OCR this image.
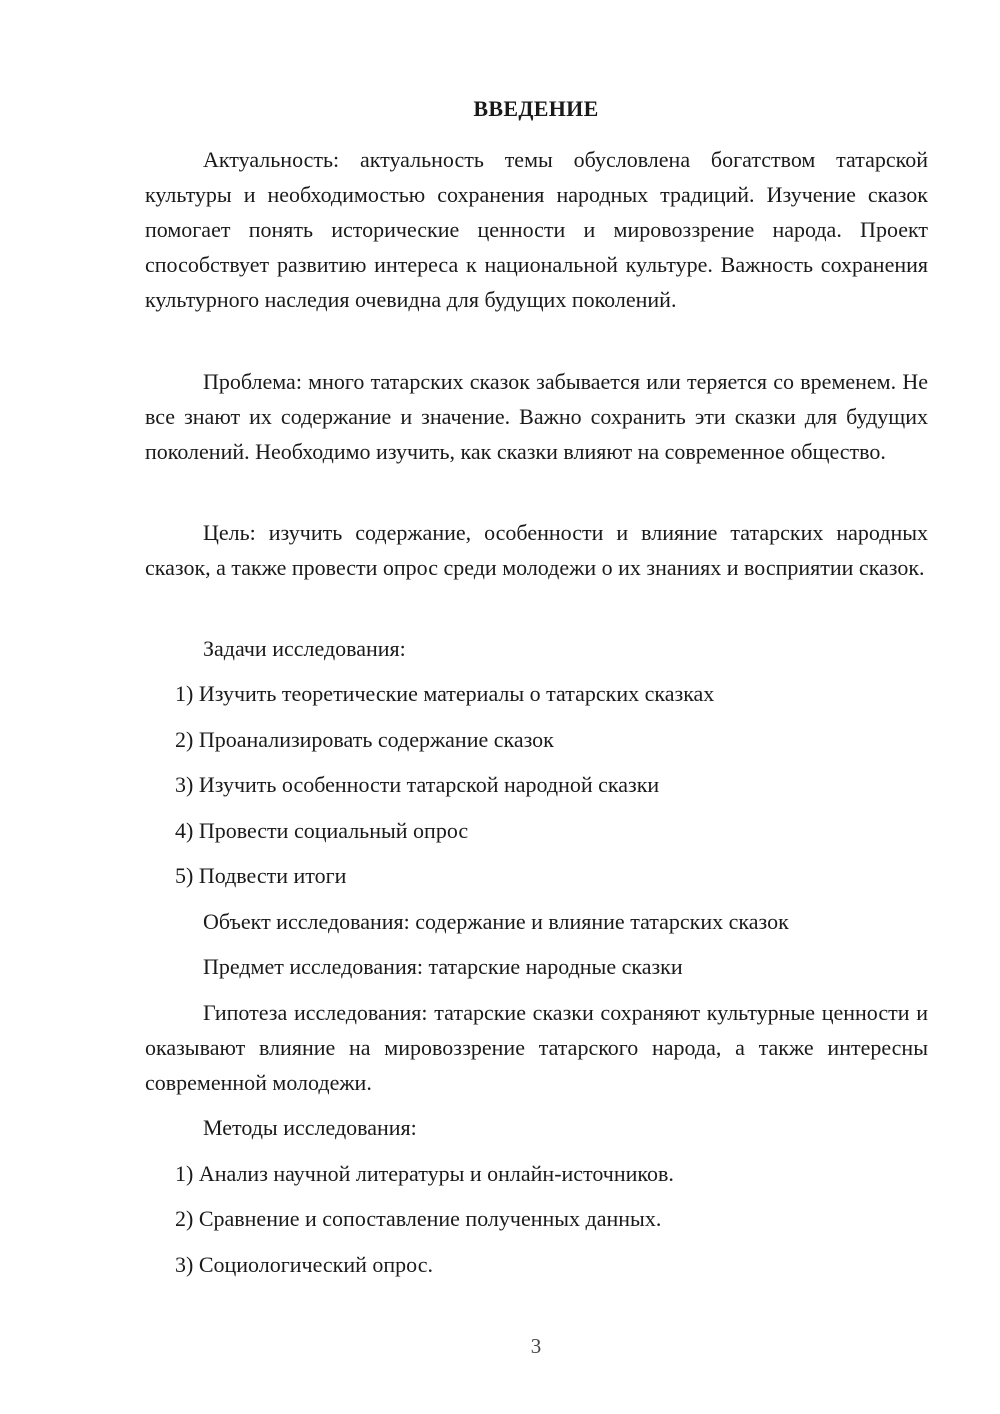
ВВЕДЕНИЕ

Актуальность: актуальность темы обусловлена богатством татарской культуры и необходимостью сохранения народных традиций. Изучение сказок помогает понять исторические ценности и мировоззрение народа. Проект способствует развитию интереса к национальной культуре. Важность сохранения культурного наследия очевидна для будущих поколений.

Проблема: много татарских сказок забывается или теряется со временем. Не все знают их содержание и значение. Важно сохранить эти сказки для будущих поколений. Необходимо изучить, как сказки влияют на современное общество.

Цель: изучить содержание, особенности и влияние татарских народных сказок, а также провести опрос среди молодежи о их знаниях и восприятии сказок.

Задачи исследования:

1) Изучить теоретические материалы о татарских сказках

2) Проанализировать содержание сказок

3) Изучить особенности татарской народной сказки

4) Провести социальный опрос

5) Подвести итоги

Объект исследования: содержание и влияние татарских сказок

Предмет исследования: татарские народные сказки

Гипотеза исследования: татарские сказки сохраняют культурные ценности и оказывают влияние на мировоззрение татарского народа, а также интересны современной молодежи.

Методы исследования:

1) Анализ научной литературы и онлайн-источников.

2) Сравнение и сопоставление полученных данных.

3) Социологический опрос.

3
